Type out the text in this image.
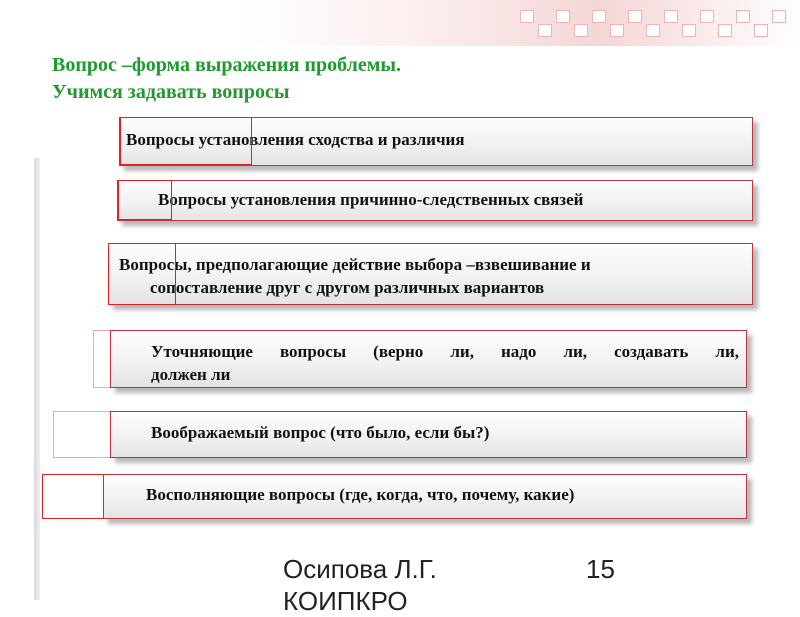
Вопрос –форма выражения проблемы.
Учимся задавать вопросы
Вопросы установления сходства и различия
Вопросы установления причинно-следственных связей
Вопросы, предполагающие действие выбора –взвешивание и
сопоставление друг с другом различных вариантов
Уточняющие вопросы (верно ли, надо ли, создавать ли,
должен ли
Воображаемый вопрос (что было, если бы?)
Восполняющие вопросы (где, когда, что, почему, какие)
Осипова Л.Г. КОИПКРО
15
